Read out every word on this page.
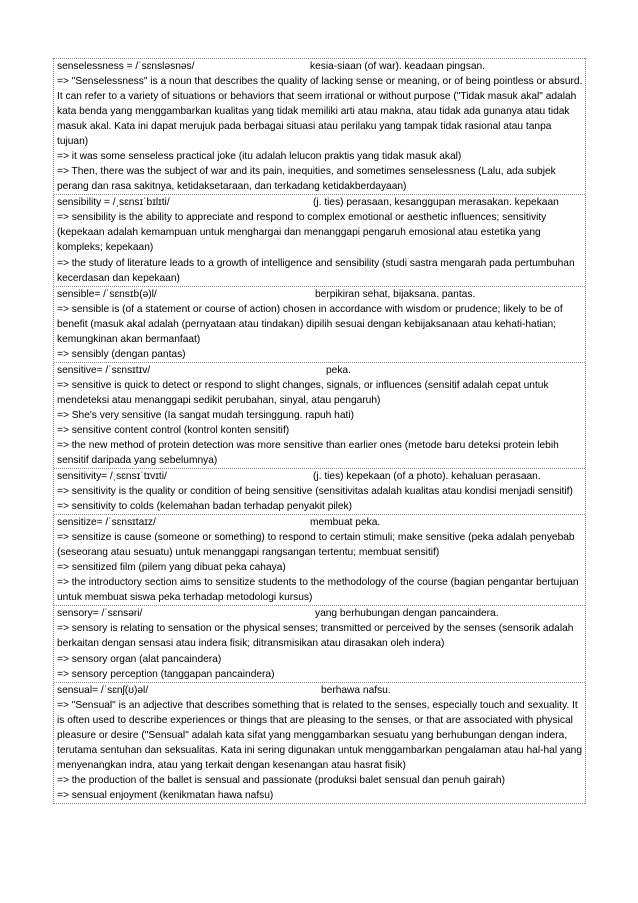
senselessness = /ˈsɛnsləsnəs/	kesia-siaan (of war). keadaan pingsan.
=> "Senselessness" is a noun that describes the quality of lacking sense or meaning, or of being pointless or absurd. It can refer to a variety of situations or behaviors that seem irrational or without purpose ("Tidak masuk akal" adalah kata benda yang menggambarkan kualitas yang tidak memiliki arti atau makna, atau tidak ada gunanya atau tidak masuk akal. Kata ini dapat merujuk pada berbagai situasi atau perilaku yang tampak tidak rasional atau tanpa tujuan)
=> it was some senseless practical joke (itu adalah lelucon praktis yang tidak masuk akal)
=> Then, there was the subject of war and its pain, inequities, and sometimes senselessness (Lalu, ada subjek perang dan rasa sakitnya, ketidaksetaraan, dan terkadang ketidakberdayaan)
sensibility = /ˌsɛnsɪˈbɪlɪti/	(j. ties) perasaan, kesanggupan merasakan. kepekaan
=> sensibility is the ability to appreciate and respond to complex emotional or aesthetic influences; sensitivity (kepekaan adalah kemampuan untuk menghargai dan menanggapi pengaruh emosional atau estetika yang kompleks; kepekaan)
=> the study of literature leads to a growth of intelligence and sensibility (studi sastra mengarah pada pertumbuhan kecerdasan dan kepekaan)
sensible= /ˈsɛnsɪb(ə)l/	berpikiran sehat, bijaksana. pantas.
=> sensible is (of a statement or course of action) chosen in accordance with wisdom or prudence; likely to be of benefit (masuk akal adalah (pernyataan atau tindakan) dipilih sesuai dengan kebijaksanaan atau kehati-hatian; kemungkinan akan bermanfaat)
=> sensibly (dengan pantas)
sensitive= /ˈsɛnsɪtɪv/	peka.
=> sensitive is quick to detect or respond to slight changes, signals, or influences (sensitif adalah cepat untuk mendeteksi atau menanggapi sedikit perubahan, sinyal, atau pengaruh)
=> She's very sensitive (Ia sangat mudah tersinggung. rapuh hati)
=> sensitive content control (kontrol konten sensitif)
=> the new method of protein detection was more sensitive than earlier ones (metode baru deteksi protein lebih sensitif daripada yang sebelumnya)
sensitivity= /ˌsɛnsɪˈtɪvɪti/	(j. ties) kepekaan (of a photo). kehaluan perasaan.
=> sensitivity is the quality or condition of being sensitive (sensitivitas adalah kualitas atau kondisi menjadi sensitif)
=> sensitivity to colds (kelemahan badan terhadap penyakit pilek)
sensitize= /ˈsɛnsɪtaɪz/	membuat peka.
=> sensitize is cause (someone or something) to respond to certain stimuli; make sensitive (peka adalah penyebab (seseorang atau sesuatu) untuk menanggapi rangsangan tertentu; membuat sensitif)
=> sensitized film (pilem yang dibuat peka cahaya)
=> the introductory section aims to sensitize students to the methodology of the course (bagian pengantar bertujuan untuk membuat siswa peka terhadap metodologi kursus)
sensory= /ˈsɛnsəri/	yang berhubungan dengan pancaindera.
=> sensory is relating to sensation or the physical senses; transmitted or perceived by the senses (sensorik adalah berkaitan dengan sensasi atau indera fisik; ditransmisikan atau dirasakan oleh indera)
=> sensory organ (alat pancaindera)
=> sensory perception (tanggapan pancaindera)
sensual= /ˈsɛnʃ(ʊ)əl/	berhawa nafsu.
=> "Sensual" is an adjective that describes something that is related to the senses, especially touch and sexuality. It is often used to describe experiences or things that are pleasing to the senses, or that are associated with physical pleasure or desire ("Sensual" adalah kata sifat yang menggambarkan sesuatu yang berhubungan dengan indera, terutama sentuhan dan seksualitas. Kata ini sering digunakan untuk menggambarkan pengalaman atau hal-hal yang menyenangkan indra, atau yang terkait dengan kesenangan atau hasrat fisik)
=> the production of the ballet is sensual and passionate (produksi balet sensual dan penuh gairah)
=> sensual enjoyment (kenikmatan hawa nafsu)
